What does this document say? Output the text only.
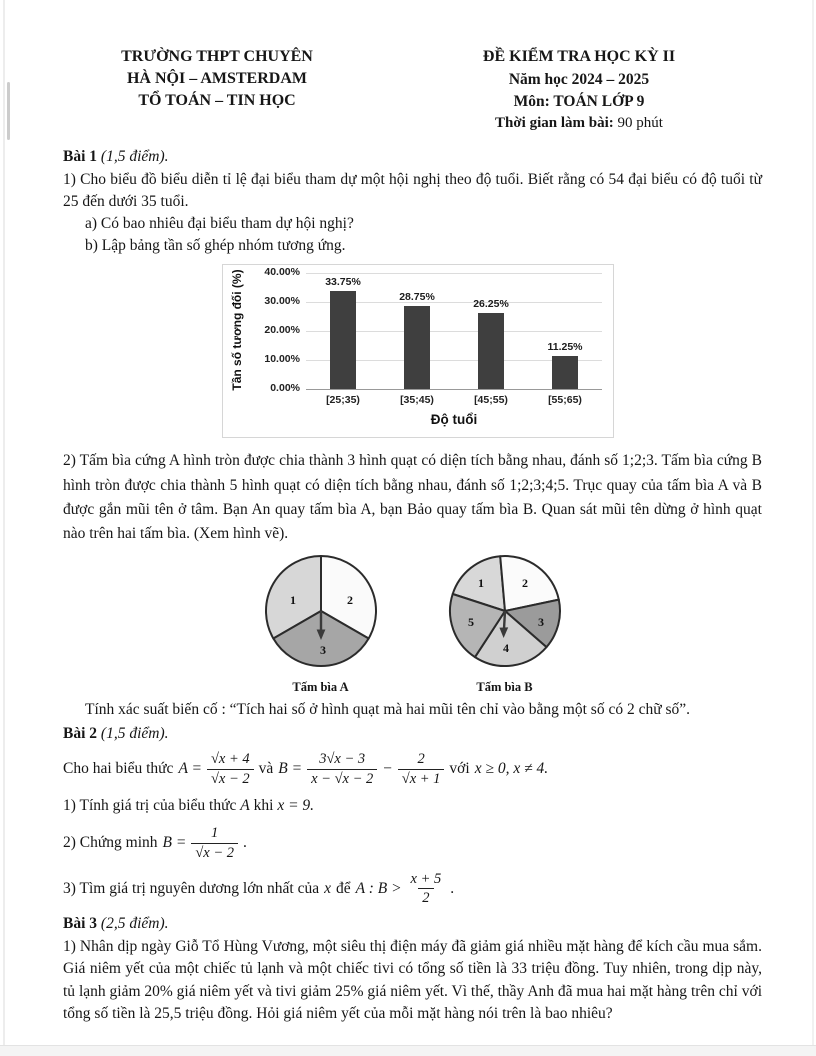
TRƯỜNG THPT CHUYÊN
HÀ NỘI – AMSTERDAM
TỔ TOÁN – TIN HỌC
ĐỀ KIỂM TRA HỌC KỲ II
Năm học 2024 – 2025
Môn: TOÁN LỚP 9
Thời gian làm bài: 90 phút

Bài 1 (1,5 điểm).

1) Cho biểu đồ biểu diễn tỉ lệ đại biểu tham dự một hội nghị theo độ tuổi. Biết rằng có 54 đại biểu có độ tuổi từ 25 đến dưới 35 tuổi.

a) Có bao nhiêu đại biểu tham dự hội nghị?

b) Lập bảng tần số ghép nhóm tương ứng.

Tần số tương đối (%)	33.75%
28.75%
26.25%
11.25%
[25;35)	[35;45)	[45;55)	[55;65)
Độ tuổi
0.00%
10.00%
20.00%
30.00%
40.00%

2) Tấm bìa cứng A hình tròn được chia thành 3 hình quạt có diện tích bằng nhau, đánh số 1;2;3. Tấm bìa cứng B hình tròn được chia thành 5 hình quạt có diện tích bằng nhau, đánh số 1;2;3;4;5. Trục quay của tấm bìa A và B được gắn mũi tên ở tâm. Bạn An quay tấm bìa A, bạn Bảo quay tấm bìa B. Quan sát mũi tên dừng ở hình quạt nào trên hai tấm bìa. (Xem hình vẽ).

1	2
3
Tấm bìa A
1	2
3
4
5
Tấm bìa B

Tính xác suất biến cố : “Tích hai số ở hình quạt mà hai mũi tên chỉ vào bằng một số có 2 chữ số”.

Bài 2 (1,5 điểm).

Cho hai biểu thức $A = \frac{√x + 4}{√x - 2}$ và $B = \frac{3√x - 3}{x - √x - 2} - \frac{2}{√x + 1}$ với x ≥ 0, x ≠ 4.

1) Tính giá trị của biểu thức A khi x = 9.

2) Chứng minh $B = \frac{1}{√x - 2}$ .
3) Tìm giá trị nguyên dương lớn nhất của x để A : $B > \frac{x + 5}{2}$ .

Bài 3 (2,5 điểm).

1) Nhân dịp ngày Giỗ Tổ Hùng Vương, một siêu thị điện máy đã giảm giá nhiều mặt hàng để kích cầu mua sắm. Giá niêm yết của một chiếc tủ lạnh và một chiếc tivi có tổng số tiền là 33 triệu đồng. Tuy nhiên, trong dịp này, tủ lạnh giảm 20% giá niêm yết và tivi giảm 25% giá niêm yết. Vì thế, thầy Anh đã mua hai mặt hàng trên chỉ với tổng số tiền là 25,5 triệu đồng. Hỏi giá niêm yết của mỗi mặt hàng nói trên là bao nhiêu?
